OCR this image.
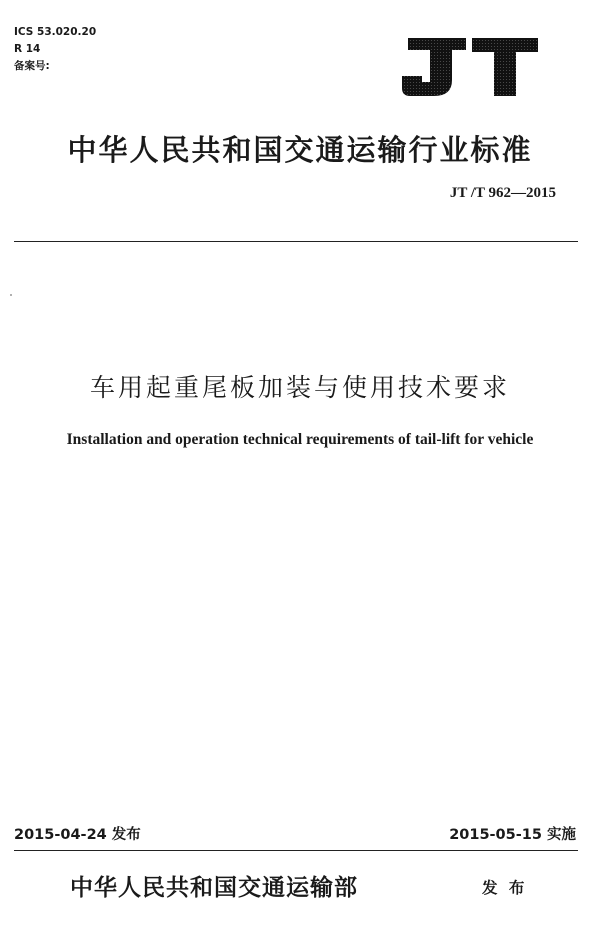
ICS 53.020.20
R 14
备案号:
中华人民共和国交通运输行业标准
JT /T 962—2015
车用起重尾板加装与使用技术要求
Installation and operation technical requirements of tail-lift for vehicle
2015-04-24 发布	2015-05-15 实施
中华人民共和国交通运输部	发 布
